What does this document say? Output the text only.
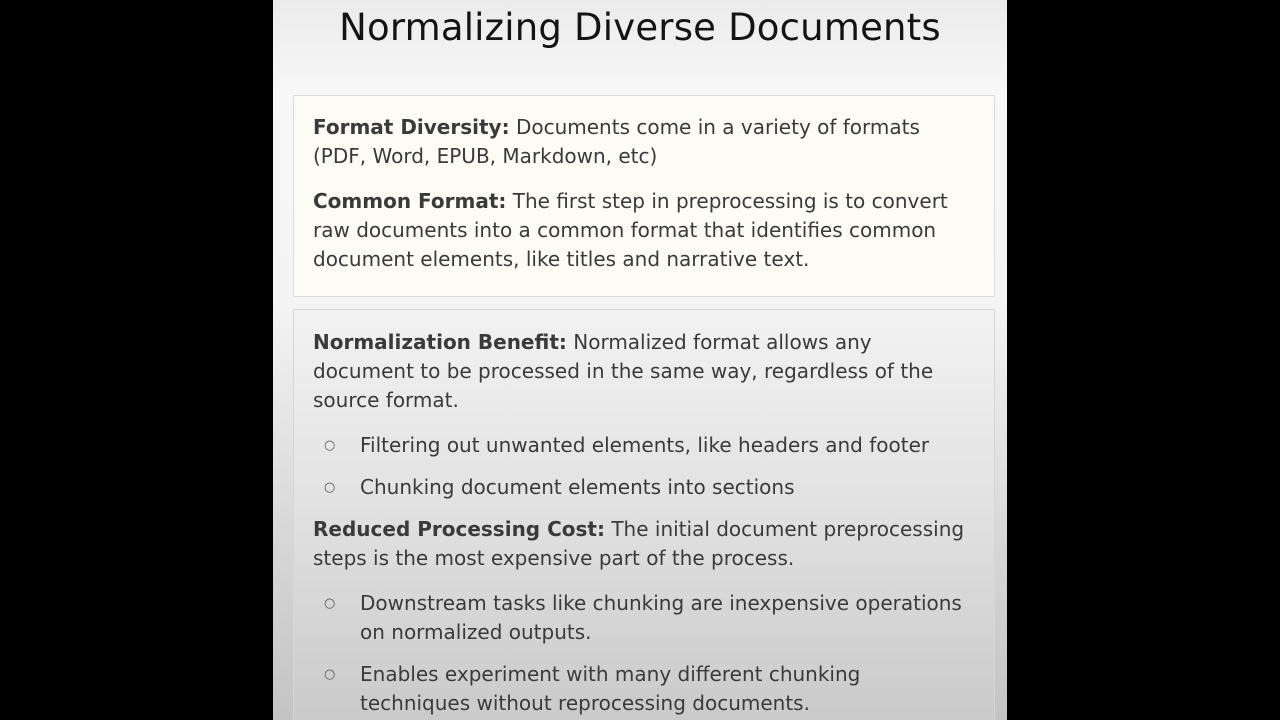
Normalizing Diverse Documents

Format Diversity: Documents come in a variety of formats (PDF, Word, EPUB, Markdown, etc)

Common Format: The first step in preprocessing is to convert raw documents into a common format that identifies common document elements, like titles and narrative text.

Normalization Benefit: Normalized format allows any document to be processed in the same way, regardless of the source format.

○ Filtering out unwanted elements, like headers and footer
○ Chunking document elements into sections

Reduced Processing Cost: The initial document preprocessing steps is the most expensive part of the process.

○ Downstream tasks like chunking are inexpensive operations on normalized outputs.
○ Enables experiment with many different chunking techniques without reprocessing documents.
